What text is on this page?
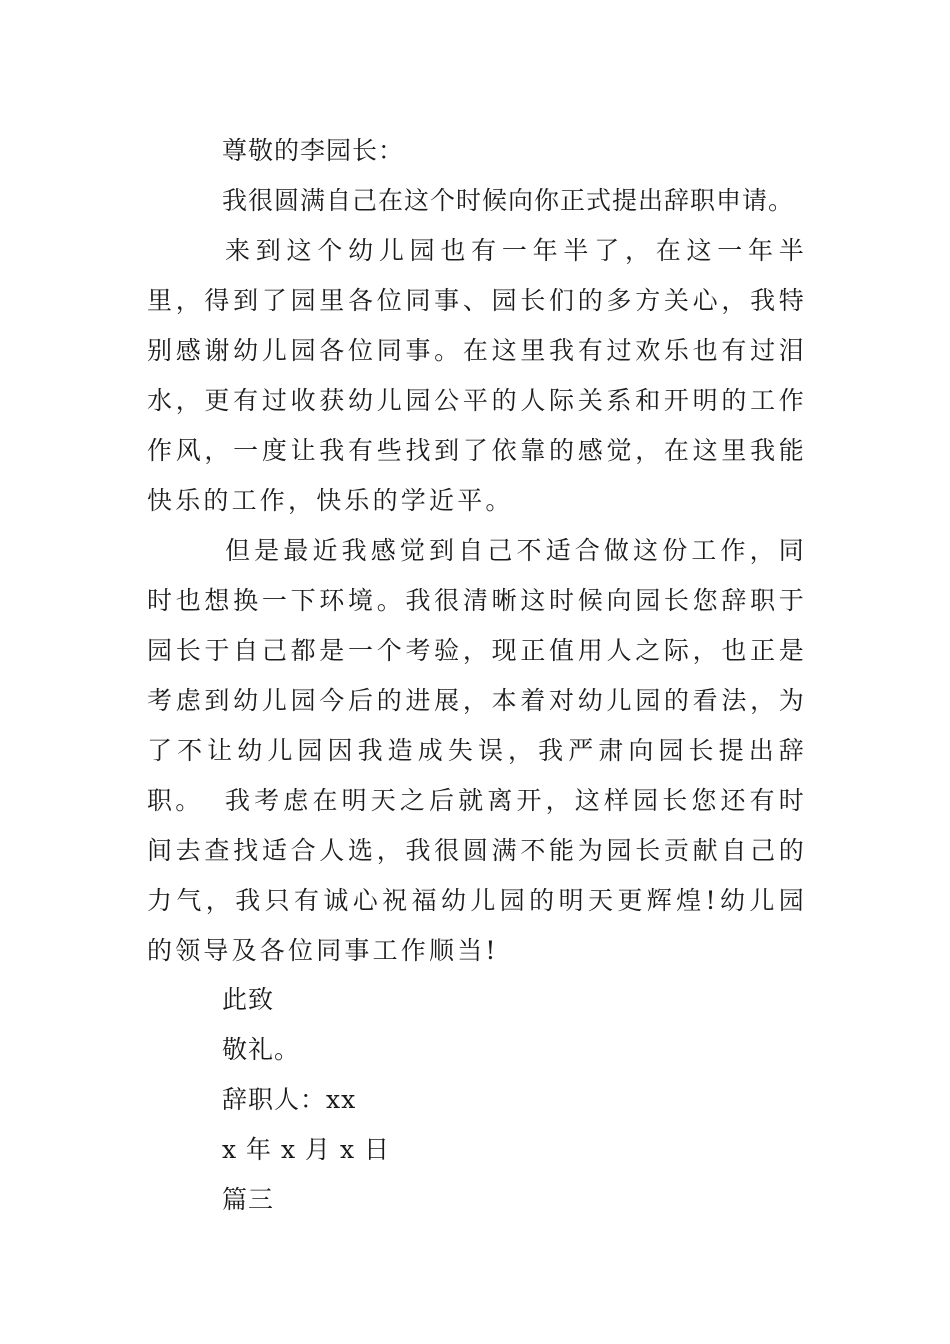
尊敬的李园长：
我很圆满自己在这个时候向你正式提出辞职申请。
来到这个幼儿园也有一年半了，在这一年半里，得到了园里各位同事、园长们的多方关心，我特别感谢幼儿园各位同事。在这里我有过欢乐也有过泪水，更有过收获幼儿园公平的人际关系和开明的工作作风，一度让我有些找到了依靠的感觉，在这里我能快乐的工作，快乐的学近平。
但是最近我感觉到自己不适合做这份工作，同时也想换一下环境。我很清晰这时候向园长您辞职于园长于自己都是一个考验，现正值用人之际，也正是考虑到幼儿园今后的进展，本着对幼儿园的看法，为了不让幼儿园因我造成失误，我严肃向园长提出辞职。 我考虑在明天之后就离开，这样园长您还有时间去查找适合人选，我很圆满不能为园长贡献自己的力气，我只有诚心祝福幼儿园的明天更辉煌!幼儿园的领导及各位同事工作顺当!
此致
敬礼。
辞职人：xx
x 年 x 月 x 日
篇三
